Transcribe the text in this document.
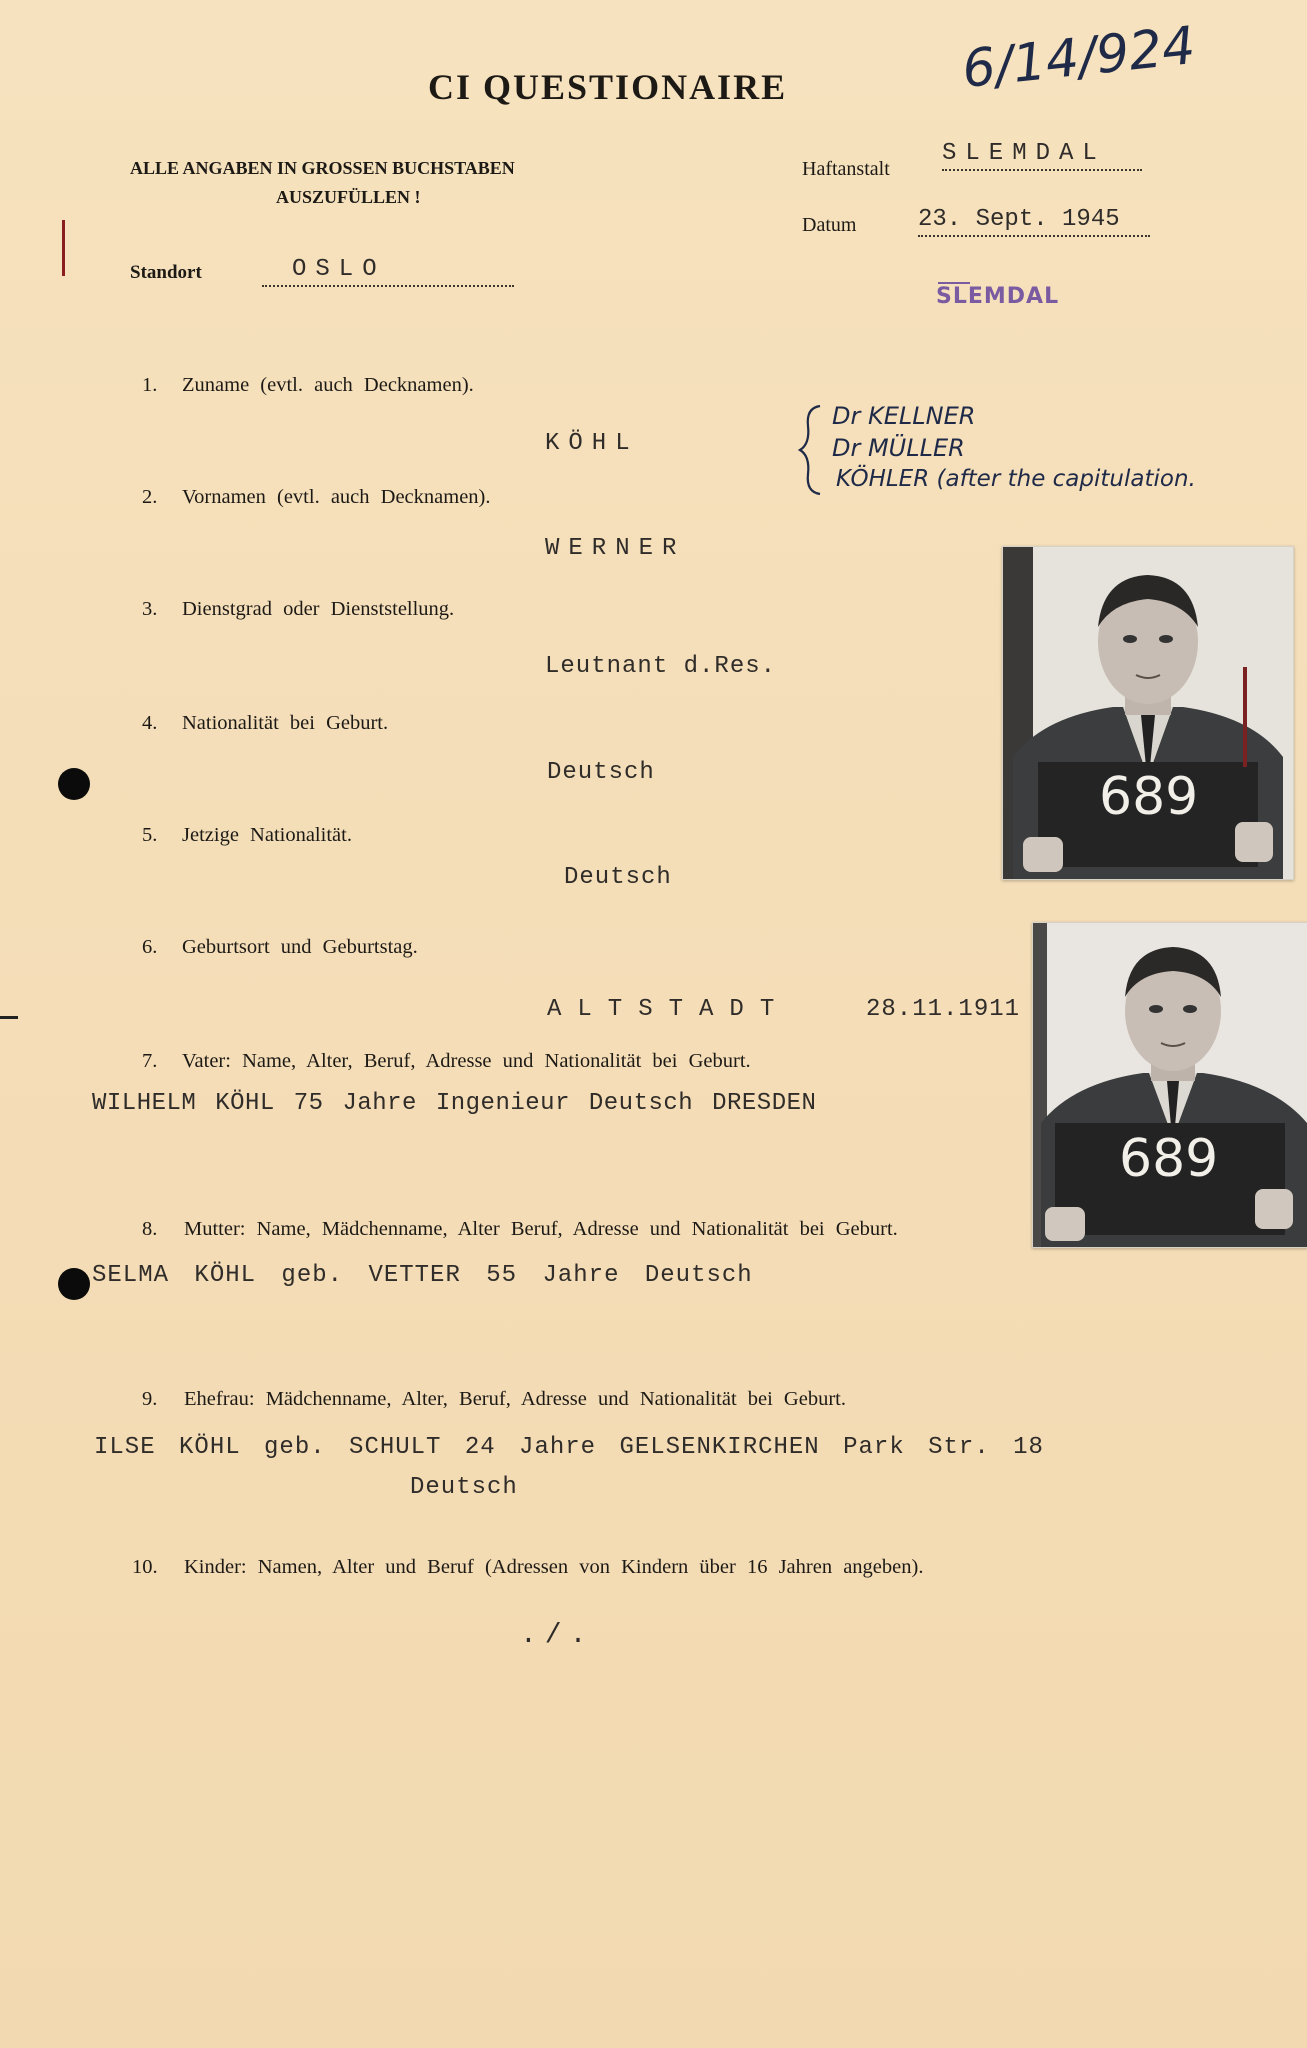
CI QUESTIONAIRE	6/14/924
ALLE ANGABEN IN GROSSEN BUCHSTABEN
AUSZUFÜLLEN !
Haftanstalt
SLEMDAL
Datum	23. Sept. 1945
Standort	OSLO
SLEMDAL
1. Zuname (evtl. auch Decknamen).
KÖHL
2. Vornamen (evtl. auch Decknamen).
WERNER
3. Dienstgrad oder Dienststellung.
Leutnant d.Res.
4. Nationalität bei Geburt.
Deutsch
5. Jetzige Nationalität.
Deutsch
6. Geburtsort und Geburtstag.
ALTSTADT	28.11.1911
7. Vater: Name, Alter, Beruf, Adresse und Nationalität bei Geburt.
WILHELM KÖHL 75 Jahre Ingenieur Deutsch DRESDEN
8. Mutter: Name, Mädchenname, Alter Beruf, Adresse und Nationalität bei Geburt.
SELMA KÖHL geb. VETTER 55 Jahre Deutsch
9. Ehefrau: Mädchenname, Alter, Beruf, Adresse und Nationalität bei Geburt.
ILSE KÖHL geb. SCHULT 24 Jahre GELSENKIRCHEN Park Str. 18
Deutsch
10. Kinder: Namen, Alter und Beruf (Adressen von Kindern über 16 Jahren angeben).
./.
Dr KELLNER
Dr MÜLLER
KÖHLER (after the capitulation.
689
689
